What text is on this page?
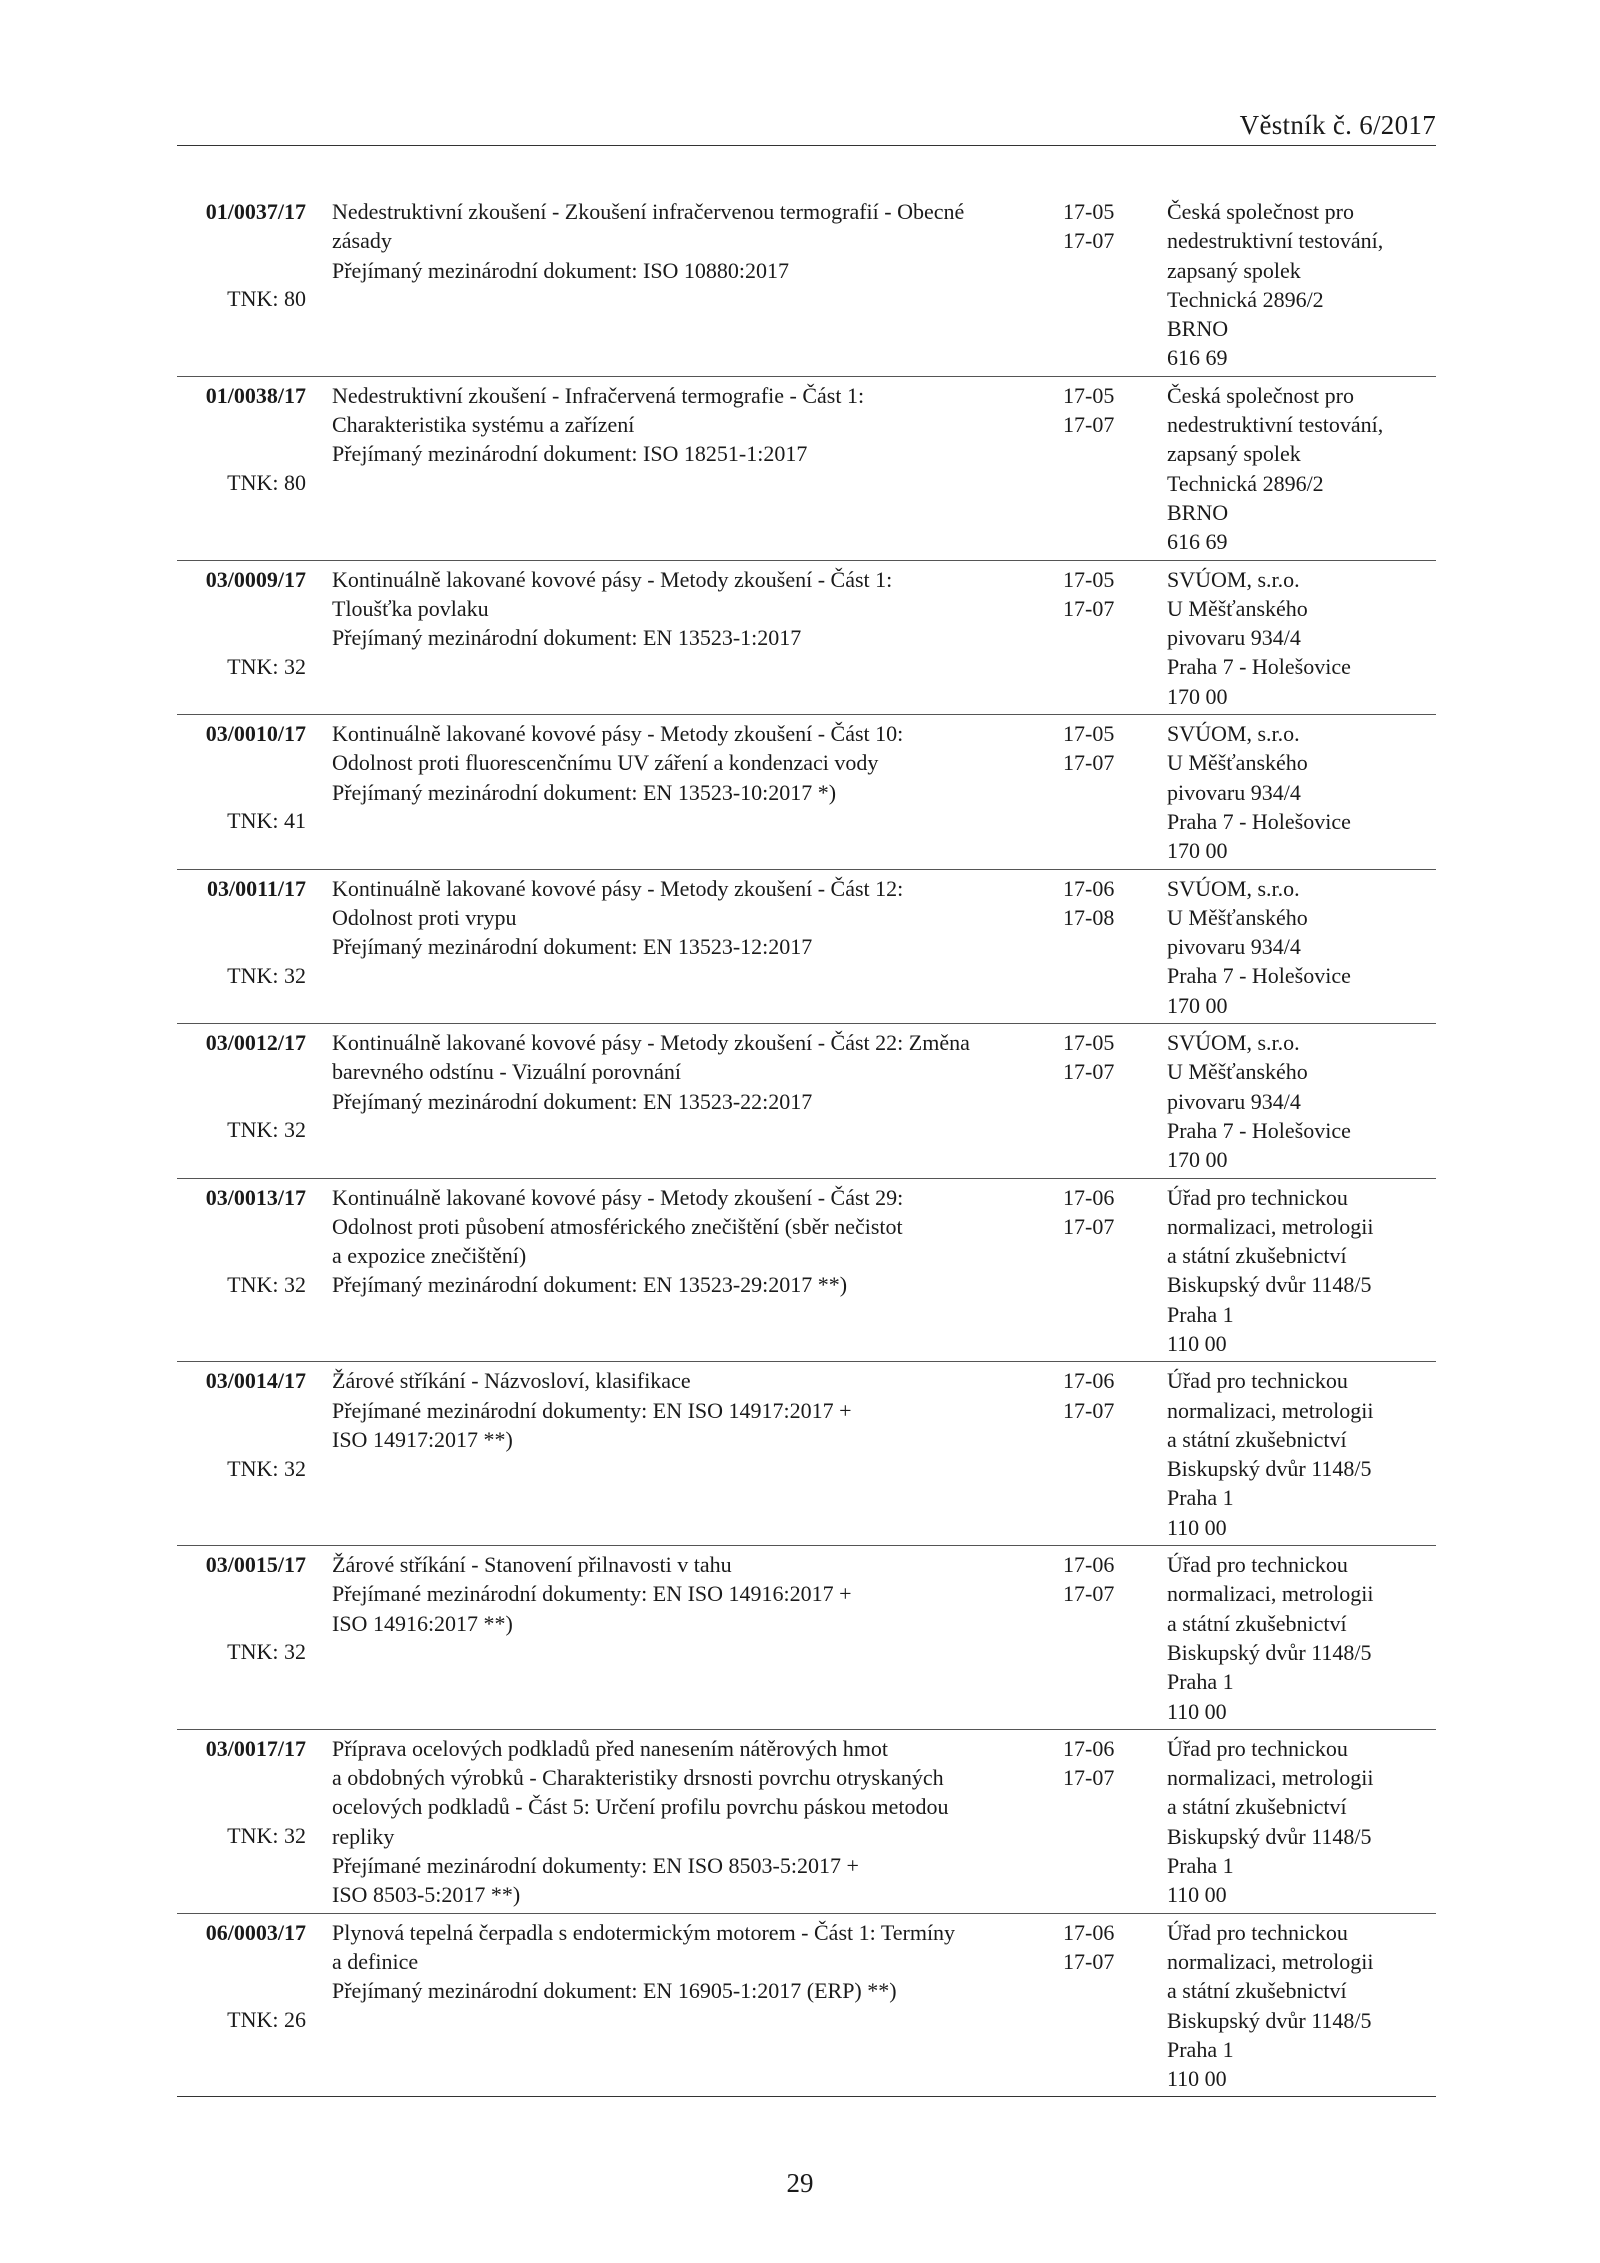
Věstník č. 6/2017
01/0037/17
TNK: 80
Nedestruktivní zkoušení - Zkoušení infračervenou termografií - Obecné
zásady
Přejímaný mezinárodní dokument: ISO 10880:2017
17-05
17-07
Česká společnost pro
nedestruktivní testování,
zapsaný spolek
Technická 2896/2
BRNO
616 69
01/0038/17
TNK: 80
Nedestruktivní zkoušení - Infračervená termografie - Část 1:
Charakteristika systému a zařízení
Přejímaný mezinárodní dokument: ISO 18251-1:2017
17-05
17-07
Česká společnost pro
nedestruktivní testování,
zapsaný spolek
Technická 2896/2
BRNO
616 69
03/0009/17
TNK: 32
Kontinuálně lakované kovové pásy - Metody zkoušení - Část 1:
Tloušťka povlaku
Přejímaný mezinárodní dokument: EN 13523-1:2017
17-05
17-07
SVÚOM, s.r.o.
U Měšťanského
pivovaru 934/4
Praha 7 - Holešovice
170 00
03/0010/17
TNK: 41
Kontinuálně lakované kovové pásy - Metody zkoušení - Část 10:
Odolnost proti fluorescenčnímu UV záření a kondenzaci vody
Přejímaný mezinárodní dokument: EN 13523-10:2017 *)
17-05
17-07
SVÚOM, s.r.o.
U Měšťanského
pivovaru 934/4
Praha 7 - Holešovice
170 00
03/0011/17
TNK: 32
Kontinuálně lakované kovové pásy - Metody zkoušení - Část 12:
Odolnost proti vrypu
Přejímaný mezinárodní dokument: EN 13523-12:2017
17-06
17-08
SVÚOM, s.r.o.
U Měšťanského
pivovaru 934/4
Praha 7 - Holešovice
170 00
03/0012/17
TNK: 32
Kontinuálně lakované kovové pásy - Metody zkoušení - Část 22: Změna
barevného odstínu - Vizuální porovnání
Přejímaný mezinárodní dokument: EN 13523-22:2017
17-05
17-07
SVÚOM, s.r.o.
U Měšťanského
pivovaru 934/4
Praha 7 - Holešovice
170 00
03/0013/17
TNK: 32
Kontinuálně lakované kovové pásy - Metody zkoušení - Část 29:
Odolnost proti působení atmosférického znečištění (sběr nečistot
a expozice znečištění)
Přejímaný mezinárodní dokument: EN 13523-29:2017 **)
17-06
17-07
Úřad pro technickou
normalizaci, metrologii
a státní zkušebnictví
Biskupský dvůr 1148/5
Praha 1
110 00
03/0014/17
TNK: 32
Žárové stříkání - Názvosloví, klasifikace
Přejímané mezinárodní dokumenty: EN ISO 14917:2017 +
ISO 14917:2017 **)
17-06
17-07
Úřad pro technickou
normalizaci, metrologii
a státní zkušebnictví
Biskupský dvůr 1148/5
Praha 1
110 00
03/0015/17
TNK: 32
Žárové stříkání - Stanovení přilnavosti v tahu
Přejímané mezinárodní dokumenty: EN ISO 14916:2017 +
ISO 14916:2017 **)
17-06
17-07
Úřad pro technickou
normalizaci, metrologii
a státní zkušebnictví
Biskupský dvůr 1148/5
Praha 1
110 00
03/0017/17
TNK: 32
Příprava ocelových podkladů před nanesením nátěrových hmot
a obdobných výrobků - Charakteristiky drsnosti povrchu otryskaných
ocelových podkladů - Část 5: Určení profilu povrchu páskou metodou
repliky
Přejímané mezinárodní dokumenty: EN ISO 8503-5:2017 +
ISO 8503-5:2017 **)
17-06
17-07
Úřad pro technickou
normalizaci, metrologii
a státní zkušebnictví
Biskupský dvůr 1148/5
Praha 1
110 00
06/0003/17
TNK: 26
Plynová tepelná čerpadla s endotermickým motorem - Část 1: Termíny
a definice
Přejímaný mezinárodní dokument: EN 16905-1:2017 (ERP) **)
17-06
17-07
Úřad pro technickou
normalizaci, metrologii
a státní zkušebnictví
Biskupský dvůr 1148/5
Praha 1
110 00
29
